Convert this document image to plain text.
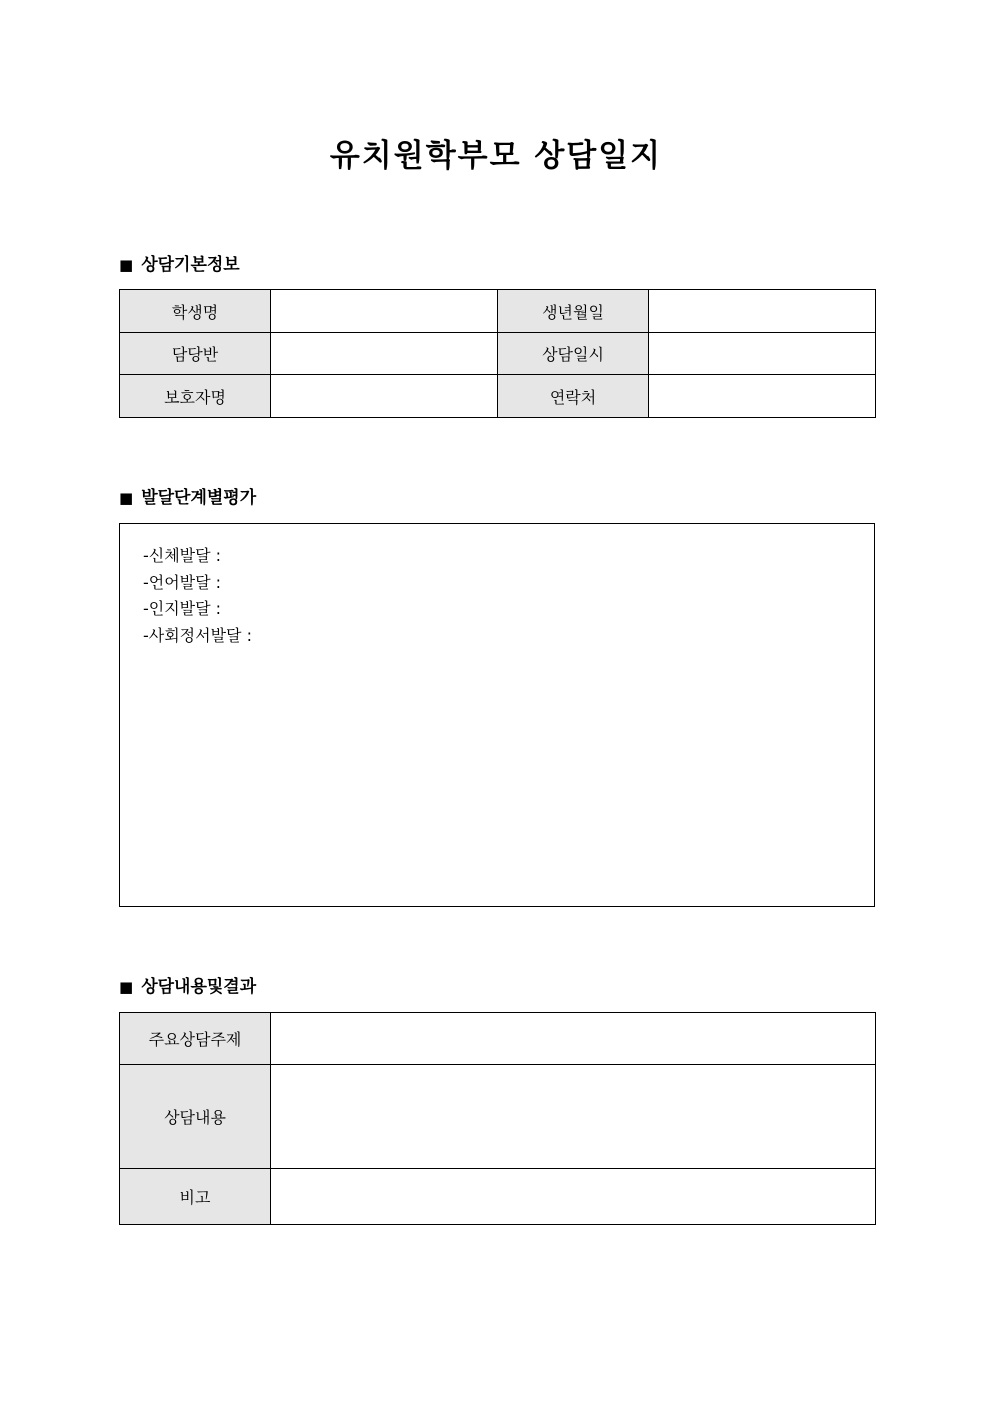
유치원학부모 상담일지
■ 상담기본정보
학생명		생년월일	
담당반		상담일시	
보호자명		연락처	
■ 발달단계별평가
-신체발달 :
-언어발달 :
-인지발달 :
-사회정서발달 :
■ 상담내용및결과
주요상담주제	
상담내용	
비고	
